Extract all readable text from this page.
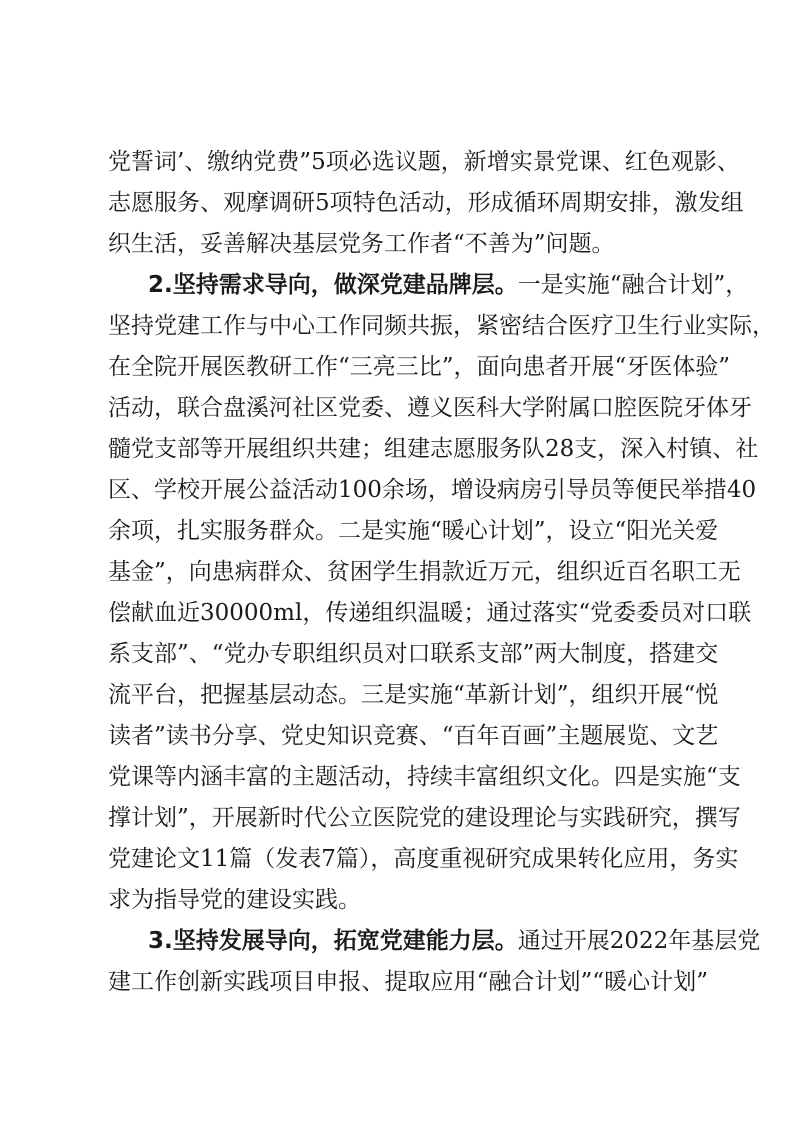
党誓词’、缴纳党费”5项必选议题，新增实景党课、红色观影、
志愿服务、观摩调研5项特色活动，形成循环周期安排，激发组
织生活，妥善解决基层党务工作者“不善为”问题。
2.坚持需求导向，做深党建品牌层。一是实施“融合计划”，
坚持党建工作与中心工作同频共振，紧密结合医疗卫生行业实际，
在全院开展医教研工作“三亮三比”，面向患者开展“牙医体验”
活动，联合盘溪河社区党委、遵义医科大学附属口腔医院牙体牙
髓党支部等开展组织共建；组建志愿服务队28支，深入村镇、社
区、学校开展公益活动100余场，增设病房引导员等便民举措40
余项，扎实服务群众。二是实施“暖心计划”，设立“阳光关爱
基金”，向患病群众、贫困学生捐款近万元，组织近百名职工无
偿献血近30000ml，传递组织温暖；通过落实“党委委员对口联
系支部”、“党办专职组织员对口联系支部”两大制度，搭建交
流平台，把握基层动态。三是实施“革新计划”，组织开展“悦
读者”读书分享、党史知识竞赛、“百年百画”主题展览、文艺
党课等内涵丰富的主题活动，持续丰富组织文化。四是实施“支
撑计划”，开展新时代公立医院党的建设理论与实践研究，撰写
党建论文11篇（发表7篇），高度重视研究成果转化应用，务实
求为指导党的建设实践。
3.坚持发展导向，拓宽党建能力层。通过开展2022年基层党
建工作创新实践项目申报、提取应用“融合计划”“暖心计划”
